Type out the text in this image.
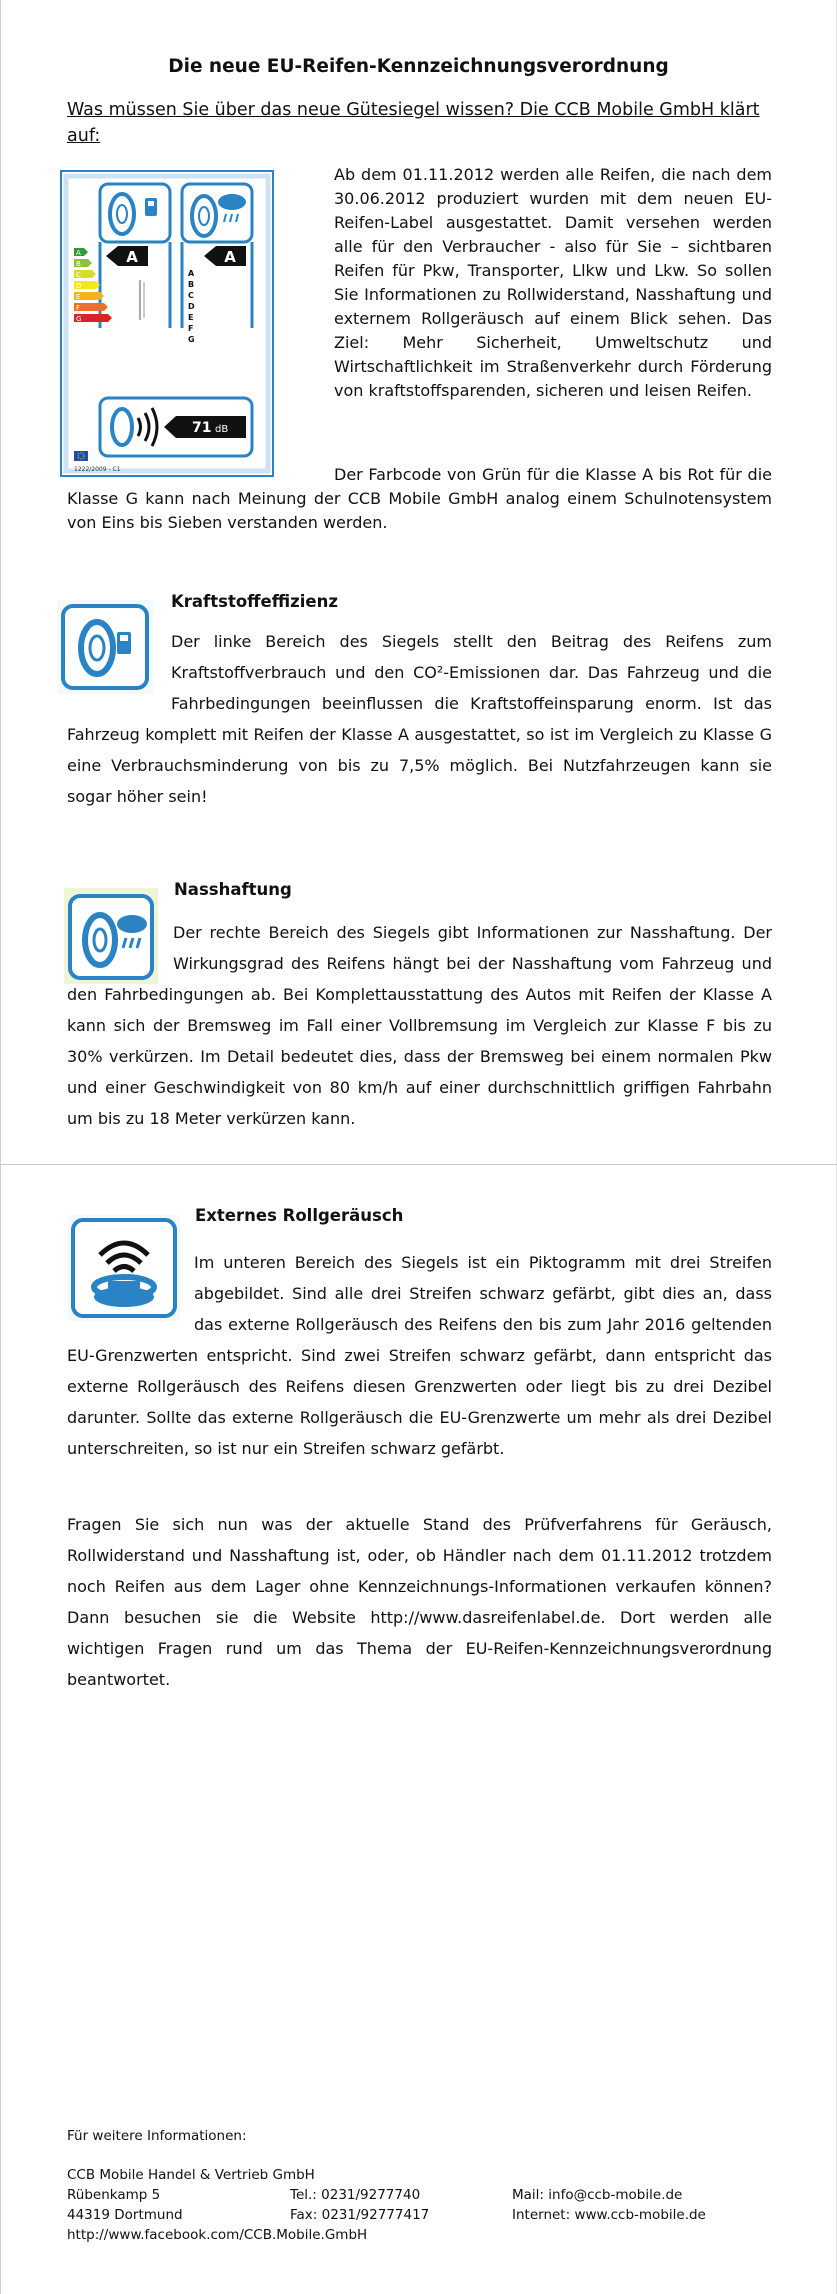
Die neue EU-Reifen-Kennzeichnungsverordnung
Was müssen Sie über das neue Gütesiegel wissen? Die CCB Mobile GmbH klärt auf:
A
B
C
D
E
F
G
A
A
B
C
D
E
F
G
A
71 dB
1222/2009 - C1
Ab dem 01.11.2012 werden alle Reifen, die nach dem 30.06.2012 produziert wurden mit dem neuen EU-Reifen-Label ausgestattet. Damit versehen werden alle für den Verbraucher - also für Sie – sichtbaren Reifen für Pkw, Transporter, Llkw und Lkw. So sollen Sie Informationen zu Rollwiderstand, Nasshaftung und externem Rollgeräusch auf einem Blick sehen. Das Ziel: Mehr Sicherheit, Umweltschutz und Wirtschaftlichkeit im Straßenverkehr durch Förderung von kraftstoffsparenden, sicheren und leisen Reifen.

Der Farbcode von Grün für die Klasse A bis Rot für die Klasse G kann nach Meinung der CCB Mobile GmbH analog einem Schulnotensystem von Eins bis Sieben verstanden werden.

Kraftstoffeffizienz

Der linke Bereich des Siegels stellt den Beitrag des Reifens zum Kraftstoffverbrauch und den CO²-Emissionen dar. Das Fahrzeug und die Fahrbedingungen beeinflussen die Kraftstoffeinsparung enorm. Ist das Fahrzeug komplett mit Reifen der Klasse A ausgestattet, so ist im Vergleich zu Klasse G eine Verbrauchsminderung von bis zu 7,5% möglich. Bei Nutzfahrzeugen kann sie sogar höher sein!

Nasshaftung

Der rechte Bereich des Siegels gibt Informationen zur Nasshaftung. Der Wirkungsgrad des Reifens hängt bei der Nasshaftung vom Fahrzeug und den Fahrbedingungen ab. Bei Komplettausstattung des Autos mit Reifen der Klasse A kann sich der Bremsweg im Fall einer Vollbremsung im Vergleich zur Klasse F bis zu 30% verkürzen. Im Detail bedeutet dies, dass der Bremsweg bei einem normalen Pkw und einer Geschwindigkeit von 80 km/h auf einer durchschnittlich griffigen Fahrbahn um bis zu 18 Meter verkürzen kann.

Externes Rollgeräusch

Im unteren Bereich des Siegels ist ein Piktogramm mit drei Streifen abgebildet. Sind alle drei Streifen schwarz gefärbt, gibt dies an, dass das externe Rollgeräusch des Reifens den bis zum Jahr 2016 geltenden EU-Grenzwerten entspricht. Sind zwei Streifen schwarz gefärbt, dann entspricht das externe Rollgeräusch des Reifens diesen Grenzwerten oder liegt bis zu drei Dezibel darunter. Sollte das externe Rollgeräusch die EU-Grenzwerte um mehr als drei Dezibel unterschreiten, so ist nur ein Streifen schwarz gefärbt.

Fragen Sie sich nun was der aktuelle Stand des Prüfverfahrens für Geräusch, Rollwiderstand und Nasshaftung ist, oder, ob Händler nach dem 01.11.2012 trotzdem noch Reifen aus dem Lager ohne Kennzeichnungs-Informationen verkaufen können? Dann besuchen sie die Website http://www.dasreifenlabel.de. Dort werden alle wichtigen Fragen rund um das Thema der EU-Reifen-Kennzeichnungsverordnung beantwortet.

Für weitere Informationen:
CCB Mobile Handel & Vertrieb GmbH
Rübenkamp 5
44319 Dortmund
http://www.facebook.com/CCB.Mobile.GmbH
Tel.: 0231/9277740
Fax: 0231/92777417
Mail: info@ccb-mobile.de
Internet: www.ccb-mobile.de
